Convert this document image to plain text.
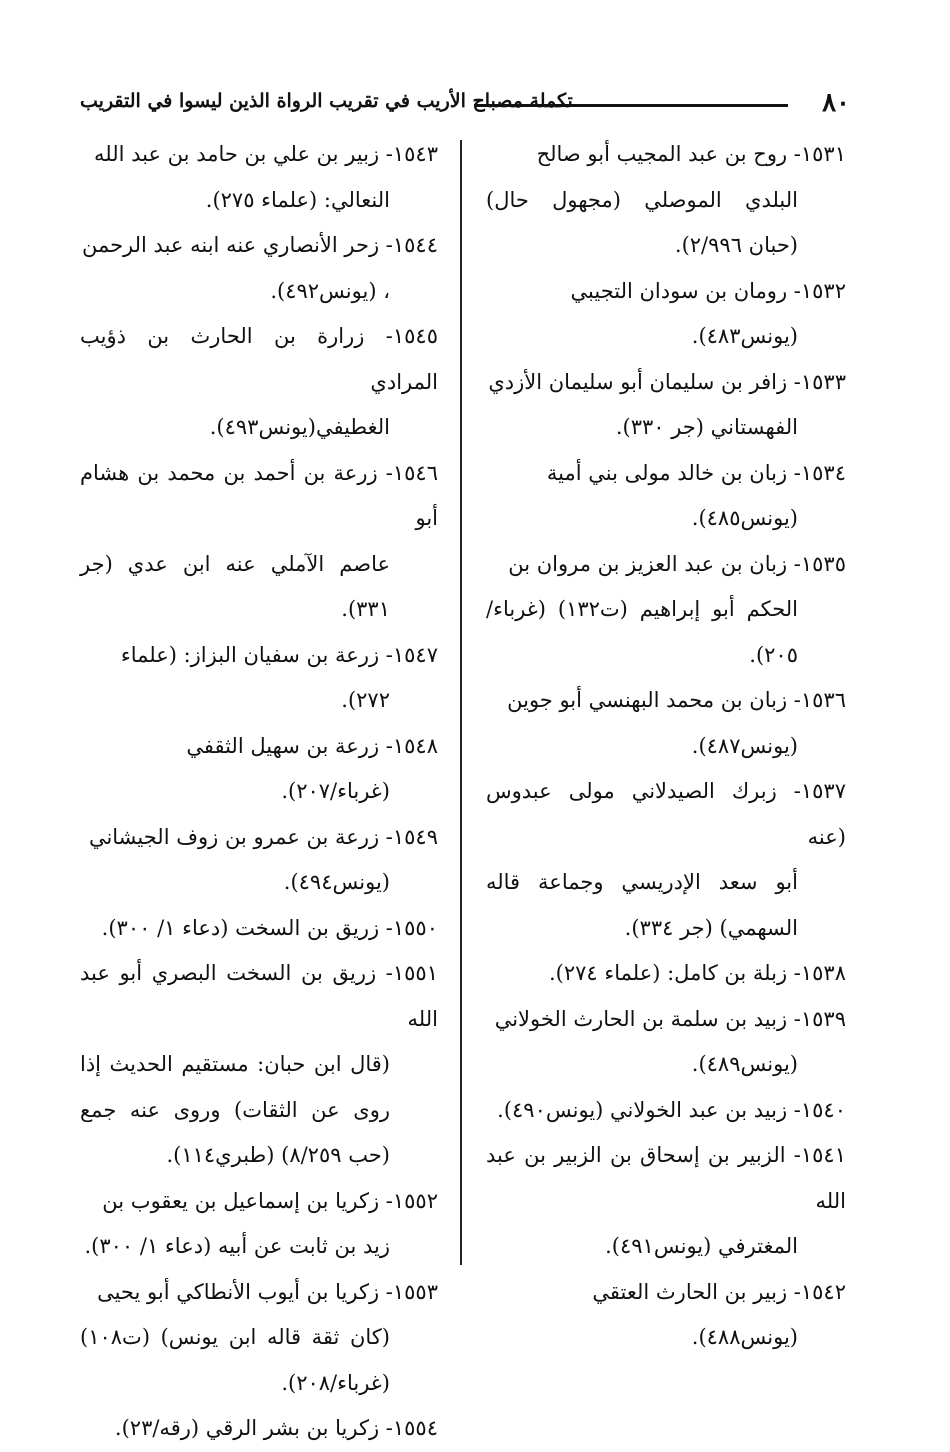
٨٠
تكملة مصباح الأريب في تقريب الرواة الذين ليسوا في التقريب

١٥٣١- روح بن عبد المجيب أبو صالح
البلدي الموصلي (مجهول حال) (حبان ٢/٩٩٦).

١٥٣٢- رومان بن سودان التجيبي
(يونس٤٨٣).

١٥٣٣- زافر بن سليمان أبو سليمان الأزدي
الفهستاني (جر ٣٣٠).

١٥٣٤- زبان بن خالد مولى بني أمية
(يونس٤٨٥).

١٥٣٥- زبان بن عبد العزيز بن مروان بن
الحكم أبو إبراهيم (ت١٣٢) (غرباء/٢٠٥).

١٥٣٦- زبان بن محمد البهنسي أبو جوين
(يونس٤٨٧).

١٥٣٧- زبرك الصيدلاني مولى عبدوس (عنه
أبو سعد الإدريسي وجماعة قاله السهمي) (جر ٣٣٤).

١٥٣٨- زبلة بن كامل: (علماء ٢٧٤).

١٥٣٩- زبيد بن سلمة بن الحارث الخولاني
(يونس٤٨٩).

١٥٤٠- زبيد بن عبد الخولاني (يونس٤٩٠).

١٥٤١- الزبير بن إسحاق بن الزبير بن عبد الله
المغترفي (يونس٤٩١).

١٥٤٢- زبير بن الحارث العتقي
(يونس٤٨٨).

١٥٤٣- زبير بن علي بن حامد بن عبد الله
النعالي: (علماء ٢٧٥).

١٥٤٤- زحر الأنصاري عنه ابنه عبد الرحمن
، (يونس٤٩٢).

١٥٤٥- زرارة بن الحارث بن ذؤيب المرادي
الغطيفي(يونس٤٩٣).

١٥٤٦- زرعة بن أحمد بن محمد بن هشام أبو
عاصم الآملي عنه ابن عدي (جر ٣٣١).

١٥٤٧- زرعة بن سفيان البزاز: (علماء
٢٧٢).

١٥٤٨- زرعة بن سهيل الثقفي
(غرباء/٢٠٧).

١٥٤٩- زرعة بن عمرو بن زوف الجيشاني
(يونس٤٩٤).

١٥٥٠- زريق بن السخت (دعاء ١/ ٣٠٠).

١٥٥١- زريق بن السخت البصري أبو عبد الله
(قال ابن حبان: مستقيم الحديث إذا روى عن الثقات) وروى عنه جمع (حب ٨/٢٥٩) (طبري١١٤).

١٥٥٢- زكريا بن إسماعيل بن يعقوب بن
زيد بن ثابت عن أبيه (دعاء ١/ ٣٠٠).

١٥٥٣- زكريا بن أيوب الأنطاكي أبو يحيى
(كان ثقة قاله ابن يونس) (ت١٠٨) (غرباء/٢٠٨).

١٥٥٤- زكريا بن بشر الرقي (رقه/٢٣).
